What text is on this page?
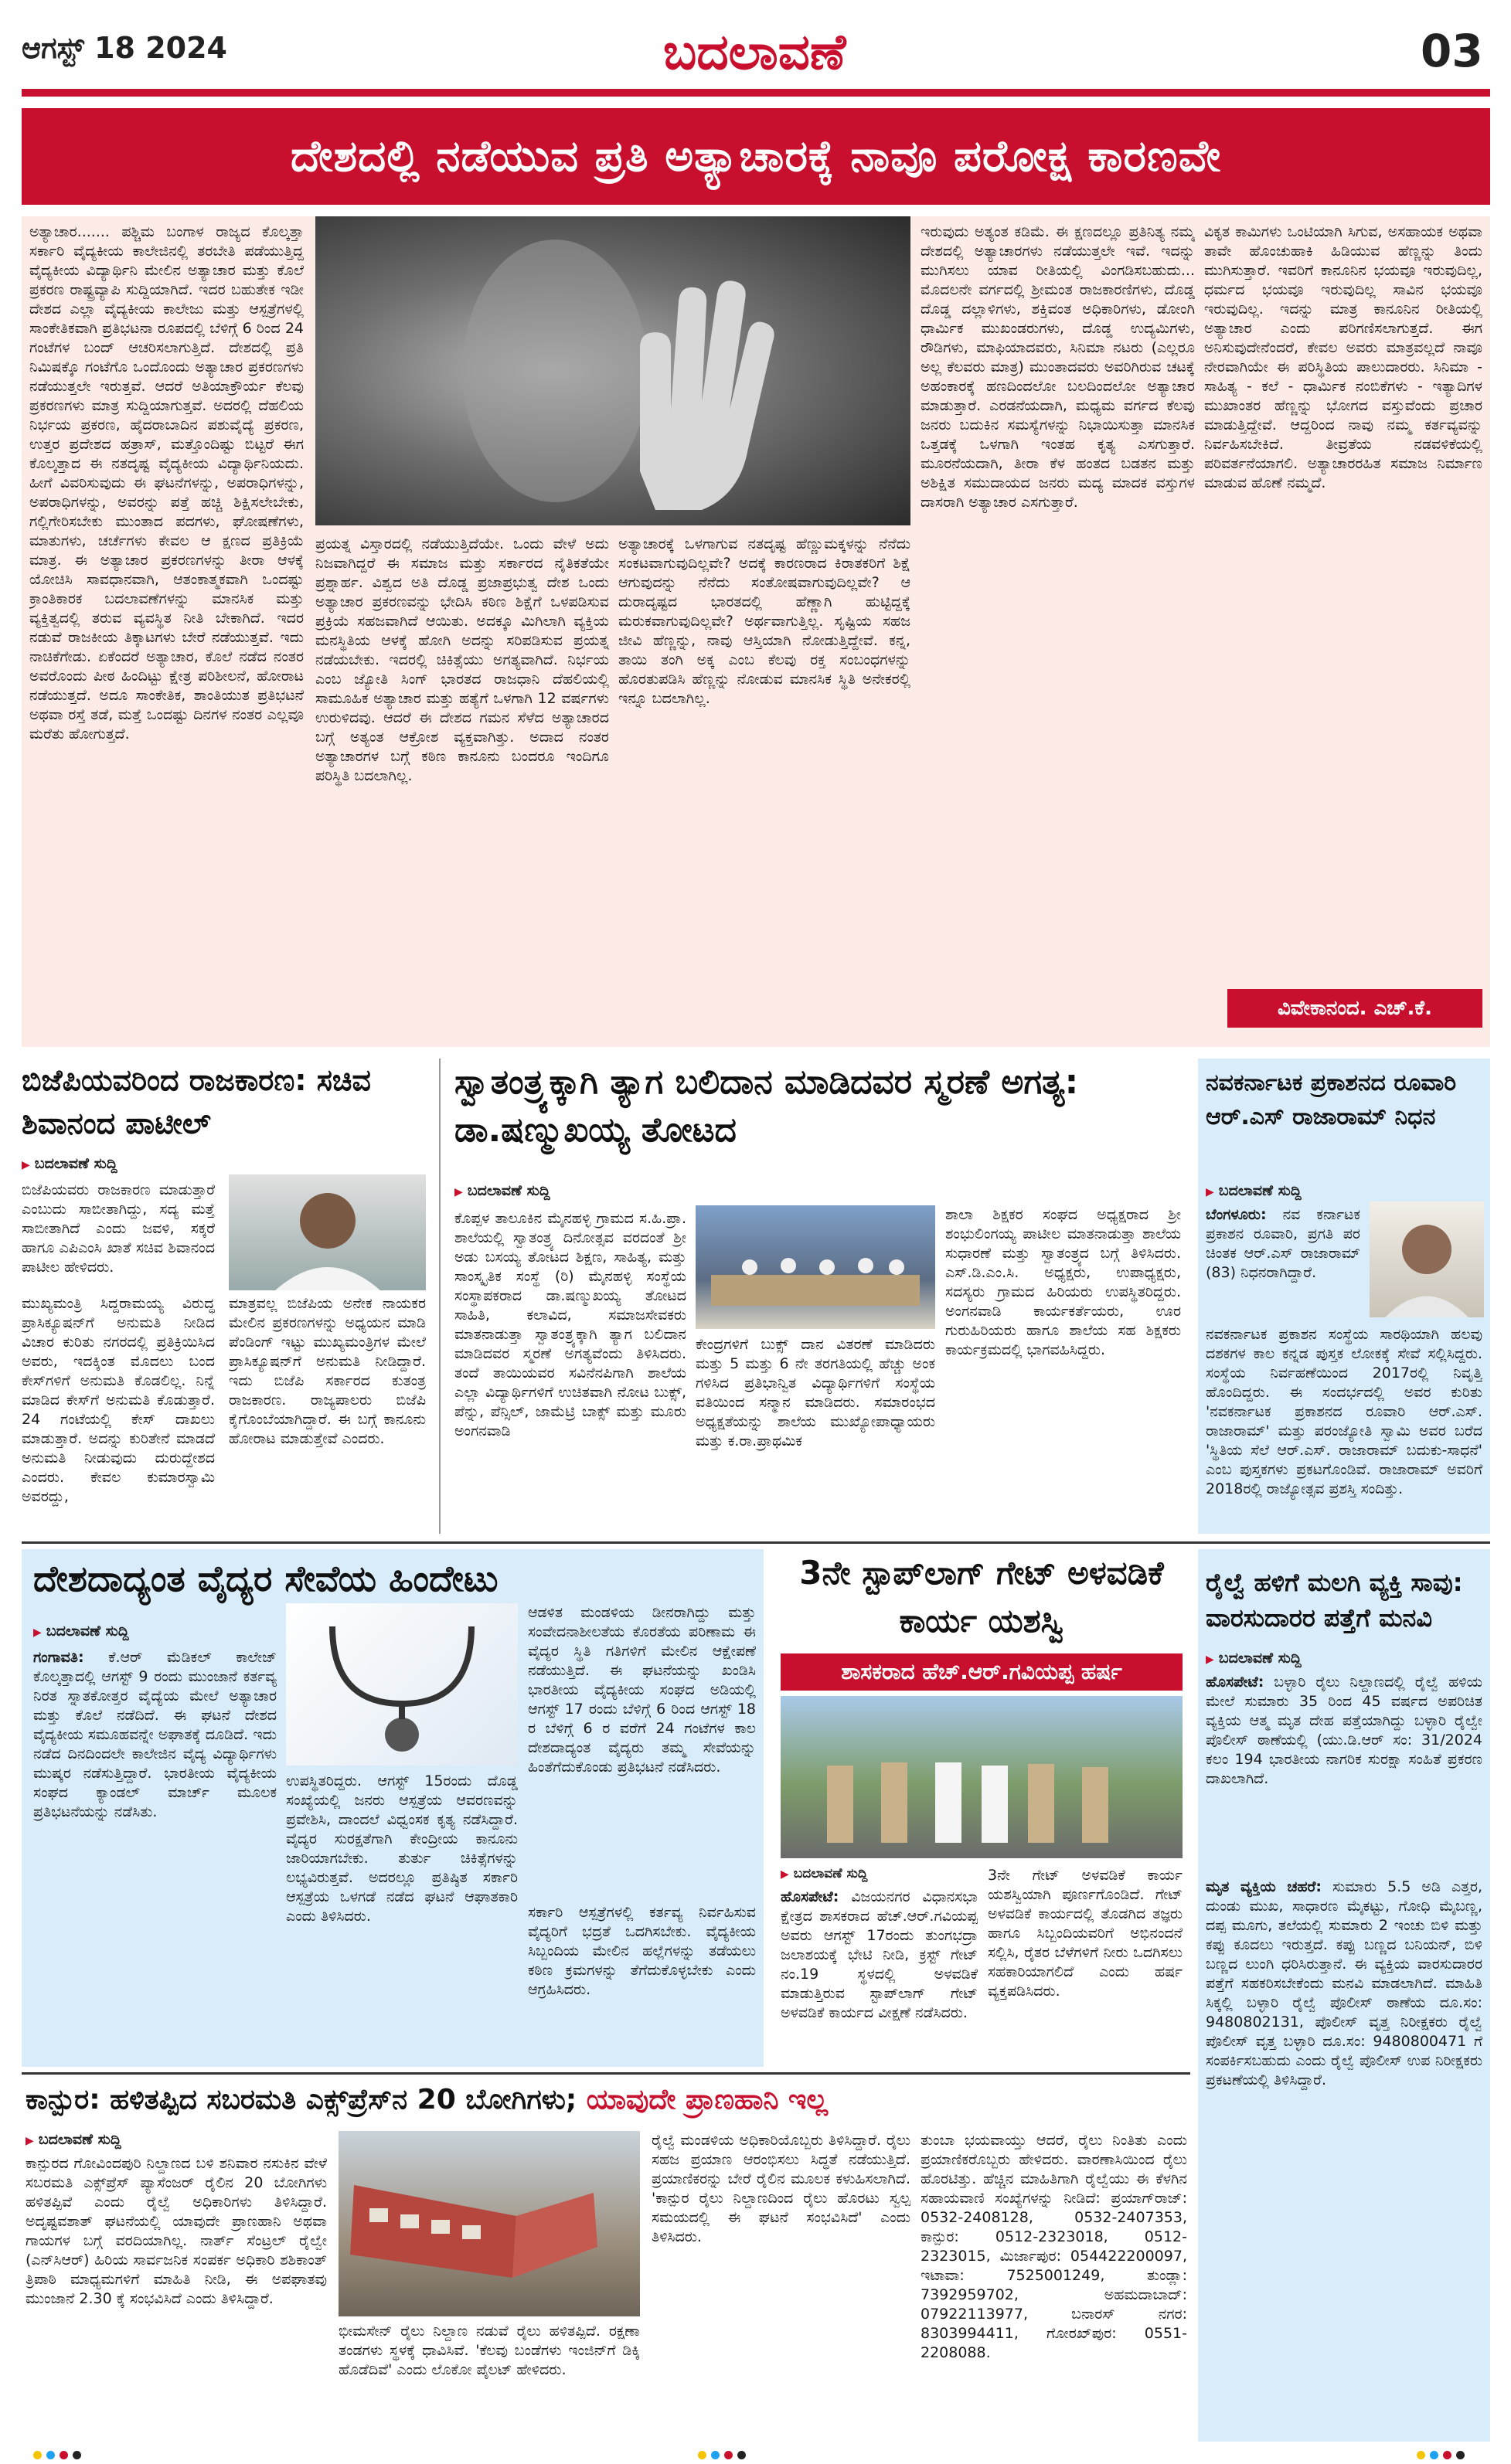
ಆಗಸ್ಟ್ 18 2024	ಬದಲಾವಣೆ	03
ದೇಶದಲ್ಲಿ ನಡೆಯುವ ಪ್ರತಿ ಅತ್ಯಾಚಾರಕ್ಕೆ ನಾವೂ ಪರೋಕ್ಷ ಕಾರಣವೇ
ಅತ್ಯಾಚಾರ....... ಪಶ್ಚಿಮ ಬಂಗಾಳ ರಾಜ್ಯದ ಕೊಲ್ಕತ್ತಾ ಸರ್ಕಾರಿ ವೈದ್ಯಕೀಯ ಕಾಲೇಜಿನಲ್ಲಿ ತರಬೇತಿ ಪಡೆಯುತ್ತಿದ್ದ ವೈದ್ಯಕೀಯ ವಿದ್ಯಾರ್ಥಿನಿ ಮೇಲಿನ ಅತ್ಯಾಚಾರ ಮತ್ತು ಕೊಲೆ ಪ್ರಕರಣ ರಾಷ್ಟ್ರವ್ಯಾಪಿ ಸುದ್ದಿಯಾಗಿದೆ. ಇದರ ಬಹುತೇಕ ಇಡೀ ದೇಶದ ಎಲ್ಲಾ ವೈದ್ಯಕೀಯ ಕಾಲೇಜು ಮತ್ತು ಆಸ್ಪತ್ರೆಗಳಲ್ಲಿ ಸಾಂಕೇತಿಕವಾಗಿ ಪ್ರತಿಭಟನಾ ರೂಪದಲ್ಲಿ ಬೆಳಿಗ್ಗೆ 6 ರಿಂದ 24 ಗಂಟೆಗಳ ಬಂದ್ ಆಚರಿಸಲಾಗುತ್ತಿದೆ. ದೇಶದಲ್ಲಿ ಪ್ರತಿ ನಿಮಿಷಕ್ಕೊ ಗಂಟೆಗೊ ಒಂದೊಂದು ಅತ್ಯಾಚಾರ ಪ್ರಕರಣಗಳು ನಡೆಯುತ್ತಲೇ ಇರುತ್ತವೆ. ಆದರೆ ಅತಿಯಾಕ್ರೌರ್ಯ ಕೆಲವು ಪ್ರಕರಣಗಳು ಮಾತ್ರ ಸುದ್ದಿಯಾಗುತ್ತವೆ. ಅದರಲ್ಲಿ ದೆಹಲಿಯ ನಿರ್ಭಯ ಪ್ರಕರಣ, ಹೈದರಾಬಾದಿನ ಪಶುವೈದ್ಯೆ ಪ್ರಕರಣ, ಉತ್ತರ ಪ್ರದೇಶದ ಹತ್ರಾಸ್, ಮತ್ತೊಂದಿಷ್ಟು ಬಿಟ್ಟರೆ ಈಗ ಕೊಲ್ಕತ್ತಾದ ಈ ನತದೃಷ್ಟ ವೈದ್ಯಕೀಯ ವಿದ್ಯಾರ್ಥಿನಿಯದು. ಹೀಗೆ ವಿವರಿಸುವುದು ಈ ಘಟನೆಗಳನ್ನು, ಅಪರಾಧಿಗಳನ್ನು, ಅಪರಾಧಿಗಳನ್ನು, ಅವರನ್ನು ಪತ್ತೆ ಹಚ್ಚಿ ಶಿಕ್ಷಿಸಲೇಬೇಕು, ಗಲ್ಲಿಗೇರಿಸಬೇಕು ಮುಂತಾದ ಪದಗಳು, ಘೋಷಣೆಗಳು, ಮಾತುಗಳು, ಚರ್ಚೆಗಳು ಕೇವಲ ಆ ಕ್ಷಣದ ಪ್ರತಿಕ್ರಿಯೆ ಮಾತ್ರ. ಈ ಅತ್ಯಾಚಾರ ಪ್ರಕರಣಗಳನ್ನು ತೀರಾ ಆಳಕ್ಕೆ ಯೋಚಿಸಿ ಸಾವಧಾನವಾಗಿ, ಆತಂಕಾತ್ಮಕವಾಗಿ ಒಂದಷ್ಟು ಕ್ರಾಂತಿಕಾರಕ ಬದಲಾವಣೆಗಳನ್ನು ಮಾನಸಿಕ ಮತ್ತು ವ್ಯಕ್ತಿತ್ವದಲ್ಲಿ ತರುವ ವ್ಯವಸ್ಥಿತ ನೀತಿ ಬೇಕಾಗಿದೆ. ಇದರ ನಡುವೆ ರಾಜಕೀಯ ತಿಕ್ಕಾಟಗಳು ಬೇರೆ ನಡೆಯುತ್ತವೆ. ಇದು ನಾಚಿಕೆಗೇಡು. ಏಕೆಂದರೆ ಅತ್ಯಾಚಾರ, ಕೊಲೆ ನಡೆದ ನಂತರ ಅವರೊಂದು ಪೀಠ ಹಿಂದಿಟ್ಟು ಕ್ಷೇತ್ರ ಪರಿಶೀಲನೆ, ಹೋರಾಟ ನಡೆಯುತ್ತದೆ. ಅದೂ ಸಾಂಕೇತಿಕ, ಶಾಂತಿಯುತ ಪ್ರತಿಭಟನೆ ಅಥವಾ ರಸ್ತೆ ತಡೆ, ಮತ್ತೆ ಒಂದಷ್ಟು ದಿನಗಳ ನಂತರ ಎಲ್ಲವೂ ಮರೆತು ಹೋಗುತ್ತದೆ.
ಪ್ರಯತ್ನ ವಿಸ್ತಾರದಲ್ಲಿ ನಡೆಯುತ್ತಿದೆಯೇ. ಒಂದು ವೇಳೆ ಅದು ನಿಜವಾಗಿದ್ದರೆ ಈ ಸಮಾಜ ಮತ್ತು ಸರ್ಕಾರದ ನೈತಿಕತೆಯೇ ಪ್ರಶ್ನಾರ್ಹ. ವಿಶ್ವದ ಅತಿ ದೊಡ್ಡ ಪ್ರಜಾಪ್ರಭುತ್ವ ದೇಶ ಒಂದು ಅತ್ಯಾಚಾರ ಪ್ರಕರಣವನ್ನು ಭೇದಿಸಿ ಕಠಿಣ ಶಿಕ್ಷೆಗೆ ಒಳಪಡಿಸುವ ಪ್ರಕ್ರಿಯೆ ಸಹಜವಾಗಿದೆ ಆಯಿತು. ಅದಕ್ಕೂ ಮಿಗಿಲಾಗಿ ವ್ಯಕ್ತಿಯ ಮನಸ್ಥಿತಿಯ ಆಳಕ್ಕೆ ಹೋಗಿ ಅದನ್ನು ಸರಿಪಡಿಸುವ ಪ್ರಯತ್ನ ನಡೆಯಬೇಕು. ಇದರಲ್ಲಿ ಚಿಕಿತ್ಸೆಯು ಅಗತ್ಯವಾಗಿದೆ. ನಿರ್ಭಯ ಎಂಬ ಜ್ಯೋತಿ ಸಿಂಗ್ ಭಾರತದ ರಾಜಧಾನಿ ದೆಹಲಿಯಲ್ಲಿ ಸಾಮೂಹಿಕ ಅತ್ಯಾಚಾರ ಮತ್ತು ಹತ್ಯೆಗೆ ಒಳಗಾಗಿ 12 ವರ್ಷಗಳು ಉರುಳಿದವು. ಆದರೆ ಈ ದೇಶದ ಗಮನ ಸೆಳೆದ ಅತ್ಯಾಚಾರದ ಬಗ್ಗೆ ಅತ್ಯಂತ ಆಕ್ರೋಶ ವ್ಯಕ್ತವಾಗಿತ್ತು. ಅದಾದ ನಂತರ ಅತ್ಯಾಚಾರಗಳ ಬಗ್ಗೆ ಕಠಿಣ ಕಾನೂನು ಬಂದರೂ ಇಂದಿಗೂ ಪರಿಸ್ಥಿತಿ ಬದಲಾಗಿಲ್ಲ.
ಅತ್ಯಾಚಾರಕ್ಕೆ ಒಳಗಾಗುವ ನತದೃಷ್ಟ ಹೆಣ್ಣುಮಕ್ಕಳನ್ನು ನೆನೆದು ಸಂಕಟವಾಗುವುದಿಲ್ಲವೇ? ಅದಕ್ಕೆ ಕಾರಣರಾದ ಕಿರಾತಕರಿಗೆ ಶಿಕ್ಷೆ ಆಗುವುದನ್ನು ನೆನೆದು ಸಂತೋಷವಾಗುವುದಿಲ್ಲವೇ? ಆ ದುರಾದೃಷ್ಟದ ಭಾರತದಲ್ಲಿ ಹೆಣ್ಣಾಗಿ ಹುಟ್ಟಿದ್ದಕ್ಕೆ ಮರುಕವಾಗುವುದಿಲ್ಲವೇ? ಅರ್ಥವಾಗುತ್ತಿಲ್ಲ. ಸೃಷ್ಟಿಯ ಸಹಜ ಜೀವಿ ಹೆಣ್ಣನ್ನು, ನಾವು ಆಸ್ತಿಯಾಗಿ ನೋಡುತ್ತಿದ್ದೇವೆ. ಕನ್ನ, ತಾಯಿ ತಂಗಿ ಅಕ್ಕ ಎಂಬ ಕೆಲವು ರಕ್ತ ಸಂಬಂಧಗಳನ್ನು ಹೊರತುಪಡಿಸಿ ಹೆಣ್ಣನ್ನು ನೋಡುವ ಮಾನಸಿಕ ಸ್ಥಿತಿ ಅನೇಕರಲ್ಲಿ ಇನ್ನೂ ಬದಲಾಗಿಲ್ಲ.
ಇರುವುದು ಅತ್ಯಂತ ಕಡಿಮೆ. ಈ ಕ್ಷಣದಲ್ಲೂ ಪ್ರತಿನಿತ್ಯ ನಮ್ಮ ದೇಶದಲ್ಲಿ ಅತ್ಯಾಚಾರಗಳು ನಡೆಯುತ್ತಲೇ ಇವೆ. ಇದನ್ನು ಮುಗಿಸಲು ಯಾವ ರೀತಿಯಲ್ಲಿ ವಿಂಗಡಿಸಬಹುದು... ಮೊದಲನೇ ವರ್ಗದಲ್ಲಿ ಶ್ರೀಮಂತ ರಾಜಕಾರಣಿಗಳು, ದೊಡ್ಡ ದೊಡ್ಡ ದಲ್ಲಾಳಿಗಳು, ಶಕ್ತಿವಂತ ಅಧಿಕಾರಿಗಳು, ಡೋಂಗಿ ಧಾರ್ಮಿಕ ಮುಖಂಡರುಗಳು, ದೊಡ್ಡ ಉದ್ಯಮಿಗಳು, ರೌಡಿಗಳು, ಮಾಫಿಯಾದವರು, ಸಿನಿಮಾ ನಟರು (ಎಲ್ಲರೂ ಅಲ್ಲ ಕೆಲವರು ಮಾತ್ರ) ಮುಂತಾದವರು ಅವರಿಗಿರುವ ಚಟಕ್ಕೆ ಅಹಂಕಾರಕ್ಕೆ ಹಣದಿಂದಲೋ ಬಲದಿಂದಲೋ ಅತ್ಯಾಚಾರ ಮಾಡುತ್ತಾರೆ. ಎರಡನೆಯದಾಗಿ, ಮಧ್ಯಮ ವರ್ಗದ ಕೆಲವು ಜನರು ಬದುಕಿನ ಸಮಸ್ಯೆಗಳನ್ನು ನಿಭಾಯಿಸುತ್ತಾ ಮಾನಸಿಕ ಒತ್ತಡಕ್ಕೆ ಒಳಗಾಗಿ ಇಂತಹ ಕೃತ್ಯ ಎಸಗುತ್ತಾರೆ. ಮೂರನೆಯದಾಗಿ, ತೀರಾ ಕೆಳ ಹಂತದ ಬಡತನ ಮತ್ತು ಅಶಿಕ್ಷಿತ ಸಮುದಾಯದ ಜನರು ಮದ್ಯ ಮಾದಕ ವಸ್ತುಗಳ ದಾಸರಾಗಿ ಅತ್ಯಾಚಾರ ಎಸಗುತ್ತಾರೆ.
ವಿಕೃತ ಕಾಮಿಗಳು ಒಂಟಿಯಾಗಿ ಸಿಗುವ, ಅಸಹಾಯಕ ಅಥವಾ ತಾವೇ ಹೊಂಚುಹಾಕಿ ಹಿಡಿಯುವ ಹೆಣ್ಣನ್ನು ತಿಂದು ಮುಗಿಸುತ್ತಾರೆ. ಇವರಿಗೆ ಕಾನೂನಿನ ಭಯವೂ ಇರುವುದಿಲ್ಲ, ಧರ್ಮದ ಭಯವೂ ಇರುವುದಿಲ್ಲ ಸಾವಿನ ಭಯವೂ ಇರುವುದಿಲ್ಲ. ಇದನ್ನು ಮಾತ್ರ ಕಾನೂನಿನ ರೀತಿಯಲ್ಲಿ ಅತ್ಯಾಚಾರ ಎಂದು ಪರಿಗಣಿಸಲಾಗುತ್ತದೆ. ಈಗ ಅನಿಸುವುದೇನೆಂದರೆ, ಕೇವಲ ಅವರು ಮಾತ್ರವಲ್ಲದೆ ನಾವೂ ನೇರವಾಗಿಯೇ ಈ ಪರಿಸ್ಥಿತಿಯ ಪಾಲುದಾರರು. ಸಿನಿಮಾ - ಸಾಹಿತ್ಯ - ಕಲೆ - ಧಾರ್ಮಿಕ ನಂಬಿಕೆಗಳು - ಇತ್ಯಾದಿಗಳ ಮುಖಾಂತರ ಹೆಣ್ಣನ್ನು ಭೋಗದ ವಸ್ತುವೆಂದು ಪ್ರಚಾರ ಮಾಡುತ್ತಿದ್ದೇವೆ. ಆದ್ದರಿಂದ ನಾವು ನಮ್ಮ ಕರ್ತವ್ಯವನ್ನು ನಿರ್ವಹಿಸಬೇಕಿದೆ. ತೀವ್ರತೆಯ ನಡವಳಿಕೆಯಲ್ಲಿ ಪರಿವರ್ತನೆಯಾಗಲಿ. ಅತ್ಯಾಚಾರರಹಿತ ಸಮಾಜ ನಿರ್ಮಾಣ ಮಾಡುವ ಹೊಣೆ ನಮ್ಮದೆ.
ವಿವೇಕಾನಂದ. ಎಚ್.ಕೆ.
ಬಿಜೆಪಿಯವರಿಂದ ರಾಜಕಾರಣ: ಸಚಿವ ಶಿವಾನಂದ ಪಾಟೀಲ್
▶ ಬದಲಾವಣೆ ಸುದ್ದಿ
ಬಿಜೆಪಿಯವರು ರಾಜಕಾರಣ ಮಾಡುತ್ತಾರೆ ಎಂಬುದು ಸಾಬೀತಾಗಿದ್ದು, ಸದ್ಯ ಮತ್ತೆ ಸಾಬೀತಾಗಿದೆ ಎಂದು ಜವಳಿ, ಸಕ್ಕರೆ ಹಾಗೂ ಎಪಿಎಂಸಿ ಖಾತೆ ಸಚಿವ ಶಿವಾನಂದ ಪಾಟೀಲ ಹೇಳಿದರು.
ಮುಖ್ಯಮಂತ್ರಿ ಸಿದ್ದರಾಮಯ್ಯ ವಿರುದ್ಧ ಪ್ರಾಸಿಕ್ಯೂಷನ್‌ಗೆ ಅನುಮತಿ ನೀಡಿದ ವಿಚಾರ ಕುರಿತು ನಗರದಲ್ಲಿ ಪ್ರತಿಕ್ರಿಯಿಸಿದ ಅವರು, ಇದಕ್ಕಿಂತ ಮೊದಲು ಬಂದ ಕೇಸ್‌ಗಳಿಗೆ ಅನುಮತಿ ಕೊಡಲಿಲ್ಲ. ನಿನ್ನೆ ಮಾಡಿದ ಕೇಸ್‌ಗೆ ಅನುಮತಿ ಕೊಡುತ್ತಾರೆ. 24 ಗಂಟೆಯಲ್ಲಿ ಕೇಸ್ ದಾಖಲು ಮಾಡುತ್ತಾರೆ. ಅದನ್ನು ಕುರಿತೇನೆ ಮಾಡದೆ ಅನುಮತಿ ನೀಡುವುದು ದುರುದ್ದೇಶದ ಎಂದರು. ಕೇವಲ ಕುಮಾರಸ್ವಾಮಿ ಅವರದ್ದು,
ಮಾತ್ರವಲ್ಲ ಬಿಜೆಪಿಯ ಅನೇಕ ನಾಯಕರ ಮೇಲಿನ ಪ್ರಕರಣಗಳನ್ನು ಅಧ್ಯಯನ ಮಾಡಿ ಪೆಂಡಿಂಗ್ ಇಟ್ಟು ಮುಖ್ಯಮಂತ್ರಿಗಳ ಮೇಲೆ ಪ್ರಾಸಿಕ್ಯೂಷನ್‌ಗೆ ಅನುಮತಿ ನೀಡಿದ್ದಾರೆ. ಇದು ಬಿಜೆಪಿ ಸರ್ಕಾರದ ಕುತಂತ್ರ ರಾಜಕಾರಣ. ರಾಜ್ಯಪಾಲರು ಬಿಜೆಪಿ ಕೈಗೊಂಬೆಯಾಗಿದ್ದಾರೆ. ಈ ಬಗ್ಗೆ ಕಾನೂನು ಹೋರಾಟ ಮಾಡುತ್ತೇವೆ ಎಂದರು.
ಸ್ವಾತಂತ್ರ್ಯಕ್ಕಾಗಿ ತ್ಯಾಗ ಬಲಿದಾನ ಮಾಡಿದವರ ಸ್ಮರಣೆ ಅಗತ್ಯ: ಡಾ.ಷಣ್ಮುಖಯ್ಯ ತೋಟದ
▶ ಬದಲಾವಣೆ ಸುದ್ದಿ
ಕೊಪ್ಪಳ ತಾಲೂಕಿನ ಮೈನಹಳ್ಳಿ ಗ್ರಾಮದ ಸ.ಹಿ.ಪ್ರಾ. ಶಾಲೆಯಲ್ಲಿ ಸ್ವಾತಂತ್ರ್ಯ ದಿನೋತ್ಸವ ವರದಂತೆ ಶ್ರೀ ಅಡು ಬಸಯ್ಯ ತೋಟದ ಶಿಕ್ಷಣ, ಸಾಹಿತ್ಯ, ಮತ್ತು ಸಾಂಸ್ಕೃತಿಕ ಸಂಸ್ಥೆ (ರಿ) ಮೈನಹಳ್ಳಿ ಸಂಸ್ಥೆಯ ಸಂಸ್ಥಾಪಕರಾದ ಡಾ.ಷಣ್ಮುಖಯ್ಯ ತೋಟದ ಸಾಹಿತಿ, ಕಲಾವಿದ, ಸಮಾಜಸೇವಕರು ಮಾತನಾಡುತ್ತಾ ಸ್ವಾತಂತ್ರ್ಯಕ್ಕಾಗಿ ತ್ಯಾಗ ಬಲಿದಾನ ಮಾಡಿದವರ ಸ್ಮರಣೆ ಅಗತ್ಯವೆಂದು ತಿಳಿಸಿದರು. ತಂದೆ ತಾಯಿಯವರ ಸವಿನೆನಪಿಗಾಗಿ ಶಾಲೆಯ ಎಲ್ಲಾ ವಿದ್ಯಾರ್ಥಿಗಳಿಗೆ ಉಚಿತವಾಗಿ ನೋಟ ಬುಕ್ಸ್, ಪೆನ್ನು, ಪೆನ್ಸಿಲ್, ಜಾಮೆಟ್ರಿ ಬಾಕ್ಸ್ ಮತ್ತು ಮೂರು ಅಂಗನವಾಡಿ
ಕೇಂದ್ರಗಳಿಗೆ ಬುಕ್ಸ್ ದಾನ ವಿತರಣೆ ಮಾಡಿದರು ಮತ್ತು 5 ಮತ್ತು 6 ನೇ ತರಗತಿಯಲ್ಲಿ ಹೆಚ್ಚು ಅಂಕ ಗಳಿಸಿದ ಪ್ರತಿಭಾನ್ವಿತ ವಿದ್ಯಾರ್ಥಿಗಳಿಗೆ ಸಂಸ್ಥೆಯ ವತಿಯಿಂದ ಸನ್ಮಾನ ಮಾಡಿದರು. ಸಮಾರಂಭದ ಅಧ್ಯಕ್ಷತೆಯನ್ನು ಶಾಲೆಯ ಮುಖ್ಯೋಪಾಧ್ಯಾಯರು ಮತ್ತು ಕ.ರಾ.ಪ್ರಾಥಮಿಕ
ಶಾಲಾ ಶಿಕ್ಷಕರ ಸಂಘದ ಅಧ್ಯಕ್ಷರಾದ ಶ್ರೀ ಶಂಭುಲಿಂಗಯ್ಯ ಪಾಟೀಲ ಮಾತನಾಡುತ್ತಾ ಶಾಲೆಯ ಸುಧಾರಣೆ ಮತ್ತು ಸ್ವಾತಂತ್ರ್ಯದ ಬಗ್ಗೆ ತಿಳಿಸಿದರು. ಎಸ್.ಡಿ.ಎಂ.ಸಿ. ಅಧ್ಯಕ್ಷರು, ಉಪಾಧ್ಯಕ್ಷರು, ಸದಸ್ಯರು ಗ್ರಾಮದ ಹಿರಿಯರು ಉಪಸ್ಥಿತರಿದ್ದರು. ಅಂಗನವಾಡಿ ಕಾರ್ಯಕರ್ತೆಯರು, ಊರ ಗುರುಹಿರಿಯರು ಹಾಗೂ ಶಾಲೆಯ ಸಹ ಶಿಕ್ಷಕರು ಕಾರ್ಯಕ್ರಮದಲ್ಲಿ ಭಾಗವಹಿಸಿದ್ದರು.
ನವಕರ್ನಾಟಕ ಪ್ರಕಾಶನದ ರೂವಾರಿ ಆರ್.ಎಸ್ ರಾಜಾರಾಮ್ ನಿಧನ
▶ ಬದಲಾವಣೆ ಸುದ್ದಿ
ಬೆಂಗಳೂರು: ನವ ಕರ್ನಾಟಕ ಪ್ರಕಾಶನ ರೂವಾರಿ, ಪ್ರಗತಿ ಪರ ಚಿಂತಕ ಆರ್.ಎಸ್ ರಾಜಾರಾಮ್ (83) ನಿಧನರಾಗಿದ್ದಾರೆ.
ನವಕರ್ನಾಟಕ ಪ್ರಕಾಶನ ಸಂಸ್ಥೆಯ ಸಾರಥಿಯಾಗಿ ಹಲವು ದಶಕಗಳ ಕಾಲ ಕನ್ನಡ ಪುಸ್ತಕ ಲೋಕಕ್ಕೆ ಸೇವೆ ಸಲ್ಲಿಸಿದ್ದರು. ಸಂಸ್ಥೆಯ ನಿರ್ವಹಣೆಯಿಂದ 2017ರಲ್ಲಿ ನಿವೃತ್ತಿ ಹೊಂದಿದ್ದರು. ಈ ಸಂದರ್ಭದಲ್ಲಿ ಅವರ ಕುರಿತು 'ನವಕರ್ನಾಟಕ ಪ್ರಕಾಶನದ ರೂವಾರಿ ಆರ್.ಎಸ್. ರಾಜಾರಾಮ್' ಮತ್ತು ಪರಂಜ್ಯೋತಿ ಸ್ವಾಮಿ ಅವರ ಬರೆದ 'ಸ್ಥಿತಿಯ ಸೆಲೆ ಆರ್.ಎಸ್. ರಾಜಾರಾಮ್ ಬದುಕು-ಸಾಧನೆ' ಎಂಬ ಪುಸ್ತಕಗಳು ಪ್ರಕಟಗೊಂಡಿವೆ. ರಾಜಾರಾಮ್ ಅವರಿಗೆ 2018ರಲ್ಲಿ ರಾಜ್ಯೋತ್ಸವ ಪ್ರಶಸ್ತಿ ಸಂದಿತ್ತು.
ದೇಶದಾದ್ಯಂತ ವೈದ್ಯರ ಸೇವೆಯ ಹಿಂದೇಟು
▶ ಬದಲಾವಣೆ ಸುದ್ದಿ
ಗಂಗಾವತಿ: ಕೆ.ಆರ್ ಮೆಡಿಕಲ್ ಕಾಲೇಜ್ ಕೊಲ್ಕತ್ತಾದಲ್ಲಿ ಆಗಸ್ಟ್ 9 ರಂದು ಮುಂಜಾನೆ ಕರ್ತವ್ಯ ನಿರತ ಸ್ನಾತಕೋತ್ತರ ವೈದ್ಯೆಯ ಮೇಲೆ ಅತ್ಯಾಚಾರ ಮತ್ತು ಕೊಲೆ ನಡೆದಿದೆ. ಈ ಘಟನೆ ದೇಶದ ವೈದ್ಯಕೀಯ ಸಮೂಹವನ್ನೇ ಅಘಾತಕ್ಕೆ ದೂಡಿದೆ. ಇದು ನಡೆದ ದಿನದಿಂದಲೇ ಕಾಲೇಜಿನ ವೈದ್ಯ ವಿದ್ಯಾರ್ಥಿಗಳು ಮುಷ್ಕರ ನಡೆಸುತ್ತಿದ್ದಾರೆ. ಭಾರತೀಯ ವೈದ್ಯಕೀಯ ಸಂಘದ ಕ್ಯಾಂಡಲ್ ಮಾರ್ಚ್ ಮೂಲಕ ಪ್ರತಿಭಟನೆಯನ್ನು ನಡೆಸಿತು.
ಉಪಸ್ಥಿತರಿದ್ದರು. ಆಗಸ್ಟ್ 15ರಂದು ದೊಡ್ಡ ಸಂಖ್ಯೆಯಲ್ಲಿ ಜನರು ಆಸ್ಪತ್ರೆಯ ಆವರಣವನ್ನು ಪ್ರವೇಶಿಸಿ, ದಾಂದಲೆ ವಿಧ್ವಂಸಕ ಕೃತ್ಯ ನಡೆಸಿದ್ದಾರೆ. ವೈದ್ಯರ ಸುರಕ್ಷತೆಗಾಗಿ ಕೇಂದ್ರೀಯ ಕಾನೂನು ಜಾರಿಯಾಗಬೇಕು. ತುರ್ತು ಚಿಕಿತ್ಸೆಗಳನ್ನು ಲಭ್ಯವಿರುತ್ತವೆ. ಅದರಲ್ಲೂ ಪ್ರತಿಷ್ಠಿತ ಸರ್ಕಾರಿ ಆಸ್ಪತ್ರೆಯ ಒಳಗಡೆ ನಡೆದ ಘಟನೆ ಆಘಾತಕಾರಿ ಎಂದು ತಿಳಿಸಿದರು.
ಆಡಳಿತ ಮಂಡಳಿಯ ಡೀನರಾಗಿದ್ದು ಮತ್ತು ಸಂವೇದನಾಶೀಲತೆಯ ಕೊರತೆಯ ಪರಿಣಾಮ ಈ ವೈದ್ಯರ ಸ್ಥಿತಿ ಗತಿಗಳಿಗೆ ಮೇಲಿನ ಆಕ್ಷೇಪಣೆ ನಡೆಯುತ್ತಿದೆ. ಈ ಘಟನೆಯನ್ನು ಖಂಡಿಸಿ ಭಾರತೀಯ ವೈದ್ಯಕೀಯ ಸಂಘದ ಅಡಿಯಲ್ಲಿ ಆಗಸ್ಟ್ 17 ರಂದು ಬೆಳಿಗ್ಗೆ 6 ರಿಂದ ಆಗಸ್ಟ್ 18 ರ ಬೆಳಿಗ್ಗೆ 6 ರ ವರೆಗೆ 24 ಗಂಟೆಗಳ ಕಾಲ ದೇಶದಾದ್ಯಂತ ವೈದ್ಯರು ತಮ್ಮ ಸೇವೆಯನ್ನು ಹಿಂತೆಗೆದುಕೊಂಡು ಪ್ರತಿಭಟನೆ ನಡೆಸಿದರು.
ಸರ್ಕಾರಿ ಆಸ್ಪತ್ರೆಗಳಲ್ಲಿ ಕರ್ತವ್ಯ ನಿರ್ವಹಿಸುವ ವೈದ್ಯರಿಗೆ ಭದ್ರತೆ ಒದಗಿಸಬೇಕು. ವೈದ್ಯಕೀಯ ಸಿಬ್ಬಂದಿಯ ಮೇಲಿನ ಹಲ್ಲೆಗಳನ್ನು ತಡೆಯಲು ಕಠಿಣ ಕ್ರಮಗಳನ್ನು ತೆಗೆದುಕೊಳ್ಳಬೇಕು ಎಂದು ಆಗ್ರಹಿಸಿದರು.
3ನೇ ಸ್ಟಾಪ್‌ಲಾಗ್ ಗೇಟ್ ಅಳವಡಿಕೆ ಕಾರ್ಯ ಯಶಸ್ವಿ
ಶಾಸಕರಾದ ಹೆಚ್.ಆರ್.ಗವಿಯಪ್ಪ ಹರ್ಷ
▶ ಬದಲಾವಣೆ ಸುದ್ದಿ
ಹೊಸಪೇಟೆ: ವಿಜಯನಗರ ವಿಧಾನಸಭಾ ಕ್ಷೇತ್ರದ ಶಾಸಕರಾದ ಹೆಚ್.ಆರ್.ಗವಿಯಪ್ಪ ಅವರು ಆಗಸ್ಟ್ 17ರಂದು ತುಂಗಭದ್ರಾ ಜಲಾಶಯಕ್ಕೆ ಭೇಟಿ ನೀಡಿ, ಕ್ರಸ್ಟ್ ಗೇಟ್ ನಂ.19 ಸ್ಥಳದಲ್ಲಿ ಅಳವಡಿಕೆ ಮಾಡುತ್ತಿರುವ ಸ್ಟಾಪ್‌ಲಾಗ್ ಗೇಟ್ ಅಳವಡಿಕೆ ಕಾರ್ಯದ ವೀಕ್ಷಣೆ ನಡೆಸಿದರು.
3ನೇ ಗೇಟ್ ಅಳವಡಿಕೆ ಕಾರ್ಯ ಯಶಸ್ವಿಯಾಗಿ ಪೂರ್ಣಗೊಂಡಿದೆ. ಗೇಟ್ ಅಳವಡಿಕೆ ಕಾರ್ಯದಲ್ಲಿ ತೊಡಗಿದ ತಜ್ಞರು ಹಾಗೂ ಸಿಬ್ಬಂದಿಯವರಿಗೆ ಅಭಿನಂದನೆ ಸಲ್ಲಿಸಿ, ರೈತರ ಬೆಳೆಗಳಿಗೆ ನೀರು ಒದಗಿಸಲು ಸಹಕಾರಿಯಾಗಲಿದೆ ಎಂದು ಹರ್ಷ ವ್ಯಕ್ತಪಡಿಸಿದರು.
ರೈಲ್ವೆ ಹಳಿಗೆ ಮಲಗಿ ವ್ಯಕ್ತಿ ಸಾವು: ವಾರಸುದಾರರ ಪತ್ತೆಗೆ ಮನವಿ
▶ ಬದಲಾವಣೆ ಸುದ್ದಿ
ಹೊಸಪೇಟೆ: ಬಳ್ಳಾರಿ ರೈಲು ನಿಲ್ದಾಣದಲ್ಲಿ ರೈಲ್ವೆ ಹಳಿಯ ಮೇಲೆ ಸುಮಾರು 35 ರಿಂದ 45 ವರ್ಷದ ಅಪರಿಚಿತ ವ್ಯಕ್ತಿಯ ಆತ್ಮ ಮೃತ ದೇಹ ಪತ್ತೆಯಾಗಿದ್ದು ಬಳ್ಳಾರಿ ರೈಲ್ವೇ ಪೊಲೀಸ್ ಠಾಣೆಯಲ್ಲಿ (ಯು.ಡಿ.ಆರ್ ಸಂ: 31/2024 ಕಲಂ 194 ಭಾರತೀಯ ನಾಗರಿಕ ಸುರಕ್ಷಾ ಸಂಹಿತೆ ಪ್ರಕರಣ ದಾಖಲಾಗಿದೆ.
ಮೃತ ವ್ಯಕ್ತಿಯ ಚಹರೆ: ಸುಮಾರು 5.5 ಅಡಿ ಎತ್ತರ, ದುಂಡು ಮುಖ, ಸಾಧಾರಣ ಮೈಕಟ್ಟು, ಗೋಧಿ ಮೈಬಣ್ಣ, ದಪ್ಪ ಮೂಗು, ತಲೆಯಲ್ಲಿ ಸುಮಾರು 2 ಇಂಚು ಬಿಳಿ ಮತ್ತು ಕಪ್ಪು ಕೂದಲು ಇರುತ್ತದೆ. ಕಪ್ಪು ಬಣ್ಣದ ಬನಿಯನ್, ಬಿಳಿ ಬಣ್ಣದ ಲುಂಗಿ ಧರಿಸಿರುತ್ತಾನೆ. ಈ ವ್ಯಕ್ತಿಯ ವಾರಸುದಾರರ ಪತ್ತೆಗೆ ಸಹಕರಿಸಬೇಕೆಂದು ಮನವಿ ಮಾಡಲಾಗಿದೆ. ಮಾಹಿತಿ ಸಿಕ್ಕಲ್ಲಿ ಬಳ್ಳಾರಿ ರೈಲ್ವೆ ಪೊಲೀಸ್ ಠಾಣೆಯ ದೂ.ಸಂ: 9480802131, ಪೊಲೀಸ್ ವೃತ್ತ ನಿರೀಕ್ಷಕರು ರೈಲ್ವೆ ಪೊಲೀಸ್ ವೃತ್ತ ಬಳ್ಳಾರಿ ದೂ.ಸಂ: 9480800471 ಗೆ ಸಂಪರ್ಕಿಸಬಹುದು ಎಂದು ರೈಲ್ವೆ ಪೊಲೀಸ್ ಉಪ ನಿರೀಕ್ಷಕರು ಪ್ರಕಟಣೆಯಲ್ಲಿ ತಿಳಿಸಿದ್ದಾರೆ.
ಕಾನ್ಪುರ: ಹಳಿತಪ್ಪಿದ ಸಬರಮತಿ ಎಕ್ಸ್‌ಪ್ರೆಸ್‌ನ 20 ಬೋಗಿಗಳು; ಯಾವುದೇ ಪ್ರಾಣಹಾನಿ ಇಲ್ಲ
▶ ಬದಲಾವಣೆ ಸುದ್ದಿ
ಕಾನ್ಪುರದ ಗೋವಿಂದಪುರಿ ನಿಲ್ದಾಣದ ಬಳಿ ಶನಿವಾರ ನಸುಕಿನ ವೇಳೆ ಸಬರಮತಿ ಎಕ್ಸ್‌ಪ್ರೆಸ್ ಪ್ಯಾಸೆಂಜರ್ ರೈಲಿನ 20 ಬೋಗಿಗಳು ಹಳಿತಪ್ಪಿವೆ ಎಂದು ರೈಲ್ವೆ ಅಧಿಕಾರಿಗಳು ತಿಳಿಸಿದ್ದಾರೆ. ಅದೃಷ್ಟವಶಾತ್ ಘಟನೆಯಲ್ಲಿ ಯಾವುದೇ ಪ್ರಾಣಹಾನಿ ಅಥವಾ ಗಾಯಗಳ ಬಗ್ಗೆ ವರದಿಯಾಗಿಲ್ಲ. ನಾರ್ತ್ ಸೆಂಟ್ರಲ್ ರೈಲ್ವೇ (ಎನ್‌ಸಿಆರ್) ಹಿರಿಯ ಸಾರ್ವಜನಿಕ ಸಂಪರ್ಕ ಅಧಿಕಾರಿ ಶಶಿಕಾಂತ್ ತ್ರಿಪಾಠಿ ಮಾಧ್ಯಮಗಳಿಗೆ ಮಾಹಿತಿ ನೀಡಿ, ಈ ಅಪಘಾತವು ಮುಂಜಾನೆ 2.30 ಕ್ಕೆ ಸಂಭವಿಸಿದೆ ಎಂದು ತಿಳಿಸಿದ್ದಾರೆ.
ಭೀಮಸೇನ್ ರೈಲು ನಿಲ್ದಾಣ ನಡುವೆ ರೈಲು ಹಳಿತಪ್ಪಿದೆ. ರಕ್ಷಣಾ ತಂಡಗಳು ಸ್ಥಳಕ್ಕೆ ಧಾವಿಸಿವೆ. 'ಕೆಲವು ಬಂಡೆಗಳು ಇಂಜಿನ್‌ಗೆ ಡಿಕ್ಕಿ ಹೊಡೆದಿವೆ' ಎಂದು ಲೊಕೋ ಪೈಲಟ್ ಹೇಳಿದರು.
ರೈಲ್ವೆ ಮಂಡಳಿಯ ಅಧಿಕಾರಿಯೊಬ್ಬರು ತಿಳಿಸಿದ್ದಾರೆ. ರೈಲು ಸಹಜ ಪ್ರಯಾಣ ಆರಂಭಿಸಲು ಸಿದ್ಧತೆ ನಡೆಯುತ್ತಿದೆ. ಪ್ರಯಾಣಿಕರನ್ನು ಬೇರೆ ರೈಲಿನ ಮೂಲಕ ಕಳುಹಿಸಲಾಗಿದೆ. 'ಕಾನ್ಪುರ ರೈಲು ನಿಲ್ದಾಣದಿಂದ ರೈಲು ಹೊರಟು ಸ್ವಲ್ಪ ಸಮಯದಲ್ಲಿ ಈ ಘಟನೆ ಸಂಭವಿಸಿದೆ' ಎಂದು ತಿಳಿಸಿದರು.
ತುಂಬಾ ಭಯವಾಯ್ತು ಆದರೆ, ರೈಲು ನಿಂತಿತು ಎಂದು ಪ್ರಯಾಣಿಕರೊಬ್ಬರು ಹೇಳಿದರು. ವಾರಣಾಸಿಯಿಂದ ರೈಲು ಹೊರಟಿತ್ತು. ಹೆಚ್ಚಿನ ಮಾಹಿತಿಗಾಗಿ ರೈಲ್ವೆಯು ಈ ಕೆಳಗಿನ ಸಹಾಯವಾಣಿ ಸಂಖ್ಯೆಗಳನ್ನು ನೀಡಿದೆ: ಪ್ರಯಾಗ್‌ರಾಜ್: 0532-2408128, 0532-2407353, ಕಾನ್ಪುರ: 0512-2323018, 0512-2323015, ಮಿರ್ಜಾಪುರ: 054422200097, ಇಟಾವಾ: 7525001249, ತುಂಡ್ಲಾ: 7392959702, ಅಹಮದಾಬಾದ್: 07922113977, ಬನಾರಸ್ ನಗರ: 8303994411, ಗೋರಖ್‌ಪುರ: 0551-2208088.
